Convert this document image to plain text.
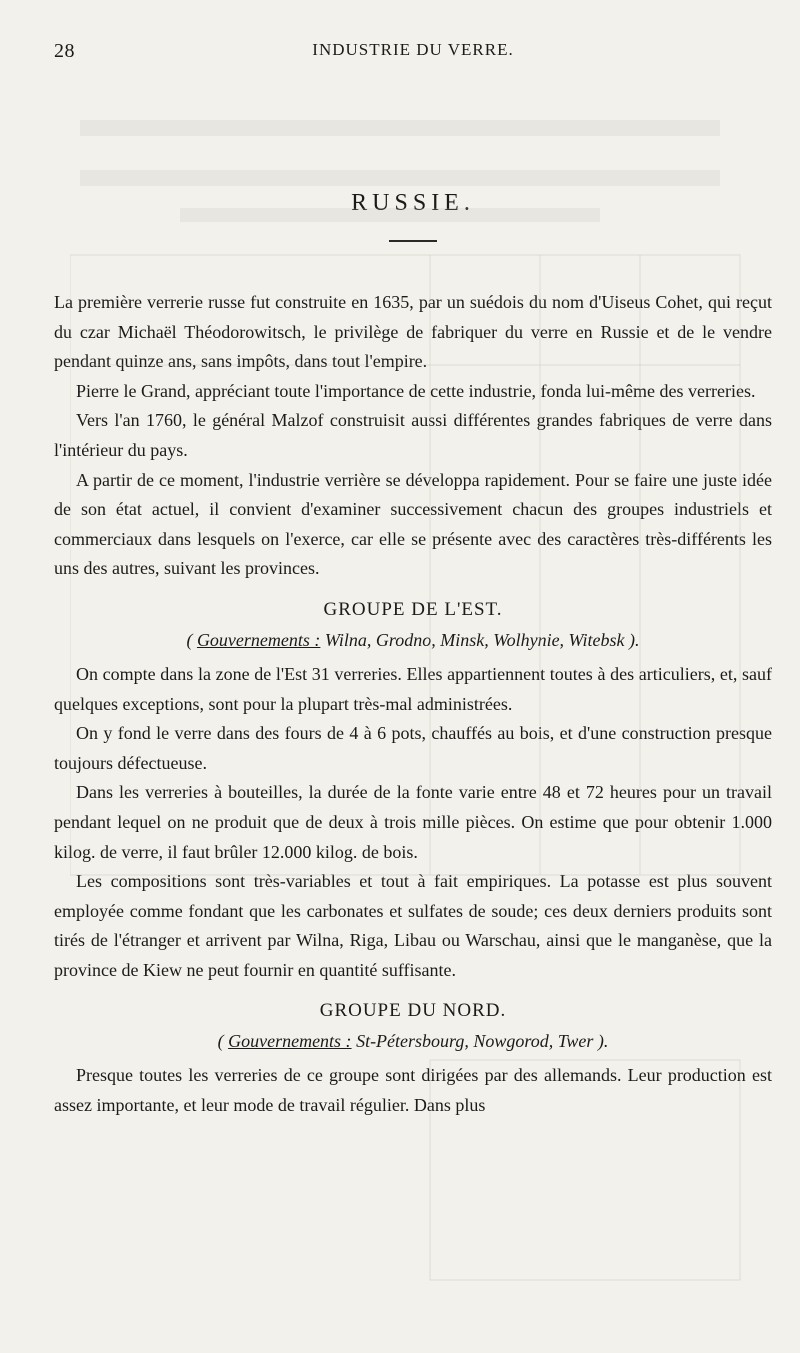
28	INDUSTRIE DU VERRE.
RUSSIE.

La première verrerie russe fut construite en 1635, par un suédois du nom d'Uiseus Cohet, qui reçut du czar Michaël Théodorowitsch, le privilège de fabriquer du verre en Russie et de le vendre pendant quinze ans, sans impôts, dans tout l'empire.

Pierre le Grand, appréciant toute l'importance de cette industrie, fonda lui-même des verreries.

Vers l'an 1760, le général Malzof construisit aussi différentes grandes fabriques de verre dans l'intérieur du pays.

A partir de ce moment, l'industrie verrière se développa rapidement. Pour se faire une juste idée de son état actuel, il convient d'examiner successivement chacun des groupes industriels et commerciaux dans lesquels on l'exerce, car elle se présente avec des caractères très-différents les uns des autres, suivant les provinces.

GROUPE DE L'EST.
( Gouvernements : Wilna, Grodno, Minsk, Wolhynie, Witebsk ).

On compte dans la zone de l'Est 31 verreries. Elles appartiennent toutes à des articuliers, et, sauf quelques exceptions, sont pour la plupart très-mal administrées.

On y fond le verre dans des fours de 4 à 6 pots, chauffés au bois, et d'une construction presque toujours défectueuse.

Dans les verreries à bouteilles, la durée de la fonte varie entre 48 et 72 heures pour un travail pendant lequel on ne produit que de deux à trois mille pièces. On estime que pour obtenir 1.000 kilog. de verre, il faut brûler 12.000 kilog. de bois.

Les compositions sont très-variables et tout à fait empiriques. La potasse est plus souvent employée comme fondant que les carbonates et sulfates de soude; ces deux derniers produits sont tirés de l'étranger et arrivent par Wilna, Riga, Libau ou Warschau, ainsi que le manganèse, que la province de Kiew ne peut fournir en quantité suffisante.

GROUPE DU NORD.
( Gouvernements : St-Pétersbourg, Nowgorod, Twer ).

Presque toutes les verreries de ce groupe sont dirigées par des allemands. Leur production est assez importante, et leur mode de travail régulier. Dans plus
